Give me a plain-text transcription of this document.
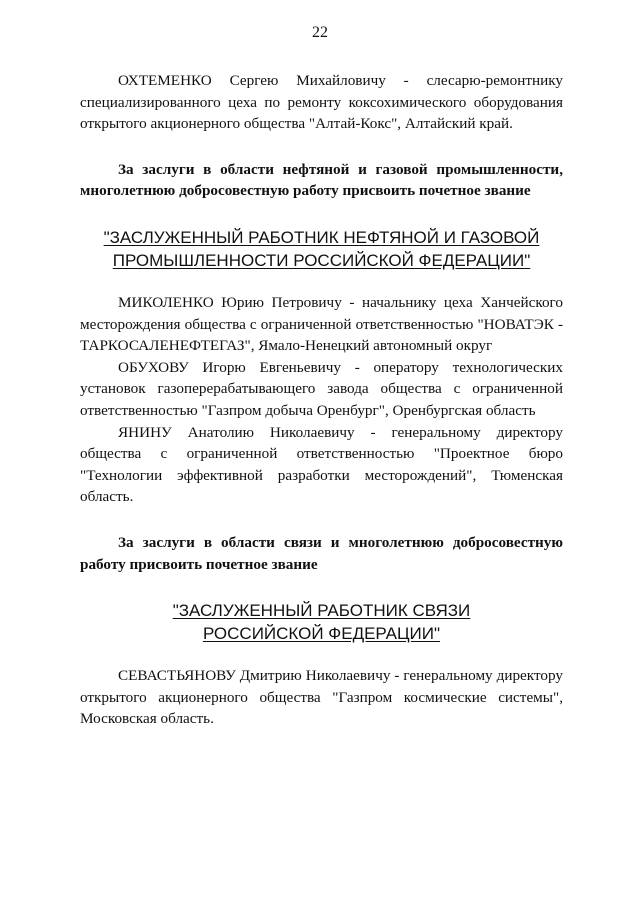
22

ОХТЕМЕНКО Сергею Михайловичу - слесарю-ремонтнику специализированного цеха по ремонту коксохимического оборудования открытого акционерного общества "Алтай-Кокс", Алтайский край.

За заслуги в области нефтяной и газовой промышленности, многолетнюю добросовестную работу присвоить почетное звание

"ЗАСЛУЖЕННЫЙ РАБОТНИК НЕФТЯНОЙ И ГАЗОВОЙ
ПРОМЫШЛЕННОСТИ РОССИЙСКОЙ ФЕДЕРАЦИИ"

МИКОЛЕНКО Юрию Петровичу - начальнику цеха Ханчейского месторождения общества с ограниченной ответственностью "НОВАТЭК - ТАРКОСАЛЕНЕФТЕГАЗ", Ямало-Ненецкий автономный округ

ОБУХОВУ Игорю Евгеньевичу - оператору технологических установок газоперерабатывающего завода общества с ограниченной ответственностью "Газпром добыча Оренбург", Оренбургская область

ЯНИНУ Анатолию Николаевичу - генеральному директору общества с ограниченной ответственностью "Проектное бюро "Технологии эффективной разработки месторождений", Тюменская область.

За заслуги в области связи и многолетнюю добросовестную работу присвоить почетное звание

"ЗАСЛУЖЕННЫЙ РАБОТНИК СВЯЗИ
РОССИЙСКОЙ ФЕДЕРАЦИИ"

СЕВАСТЬЯНОВУ Дмитрию Николаевичу - генеральному директору открытого акционерного общества "Газпром космические системы", Московская область.
